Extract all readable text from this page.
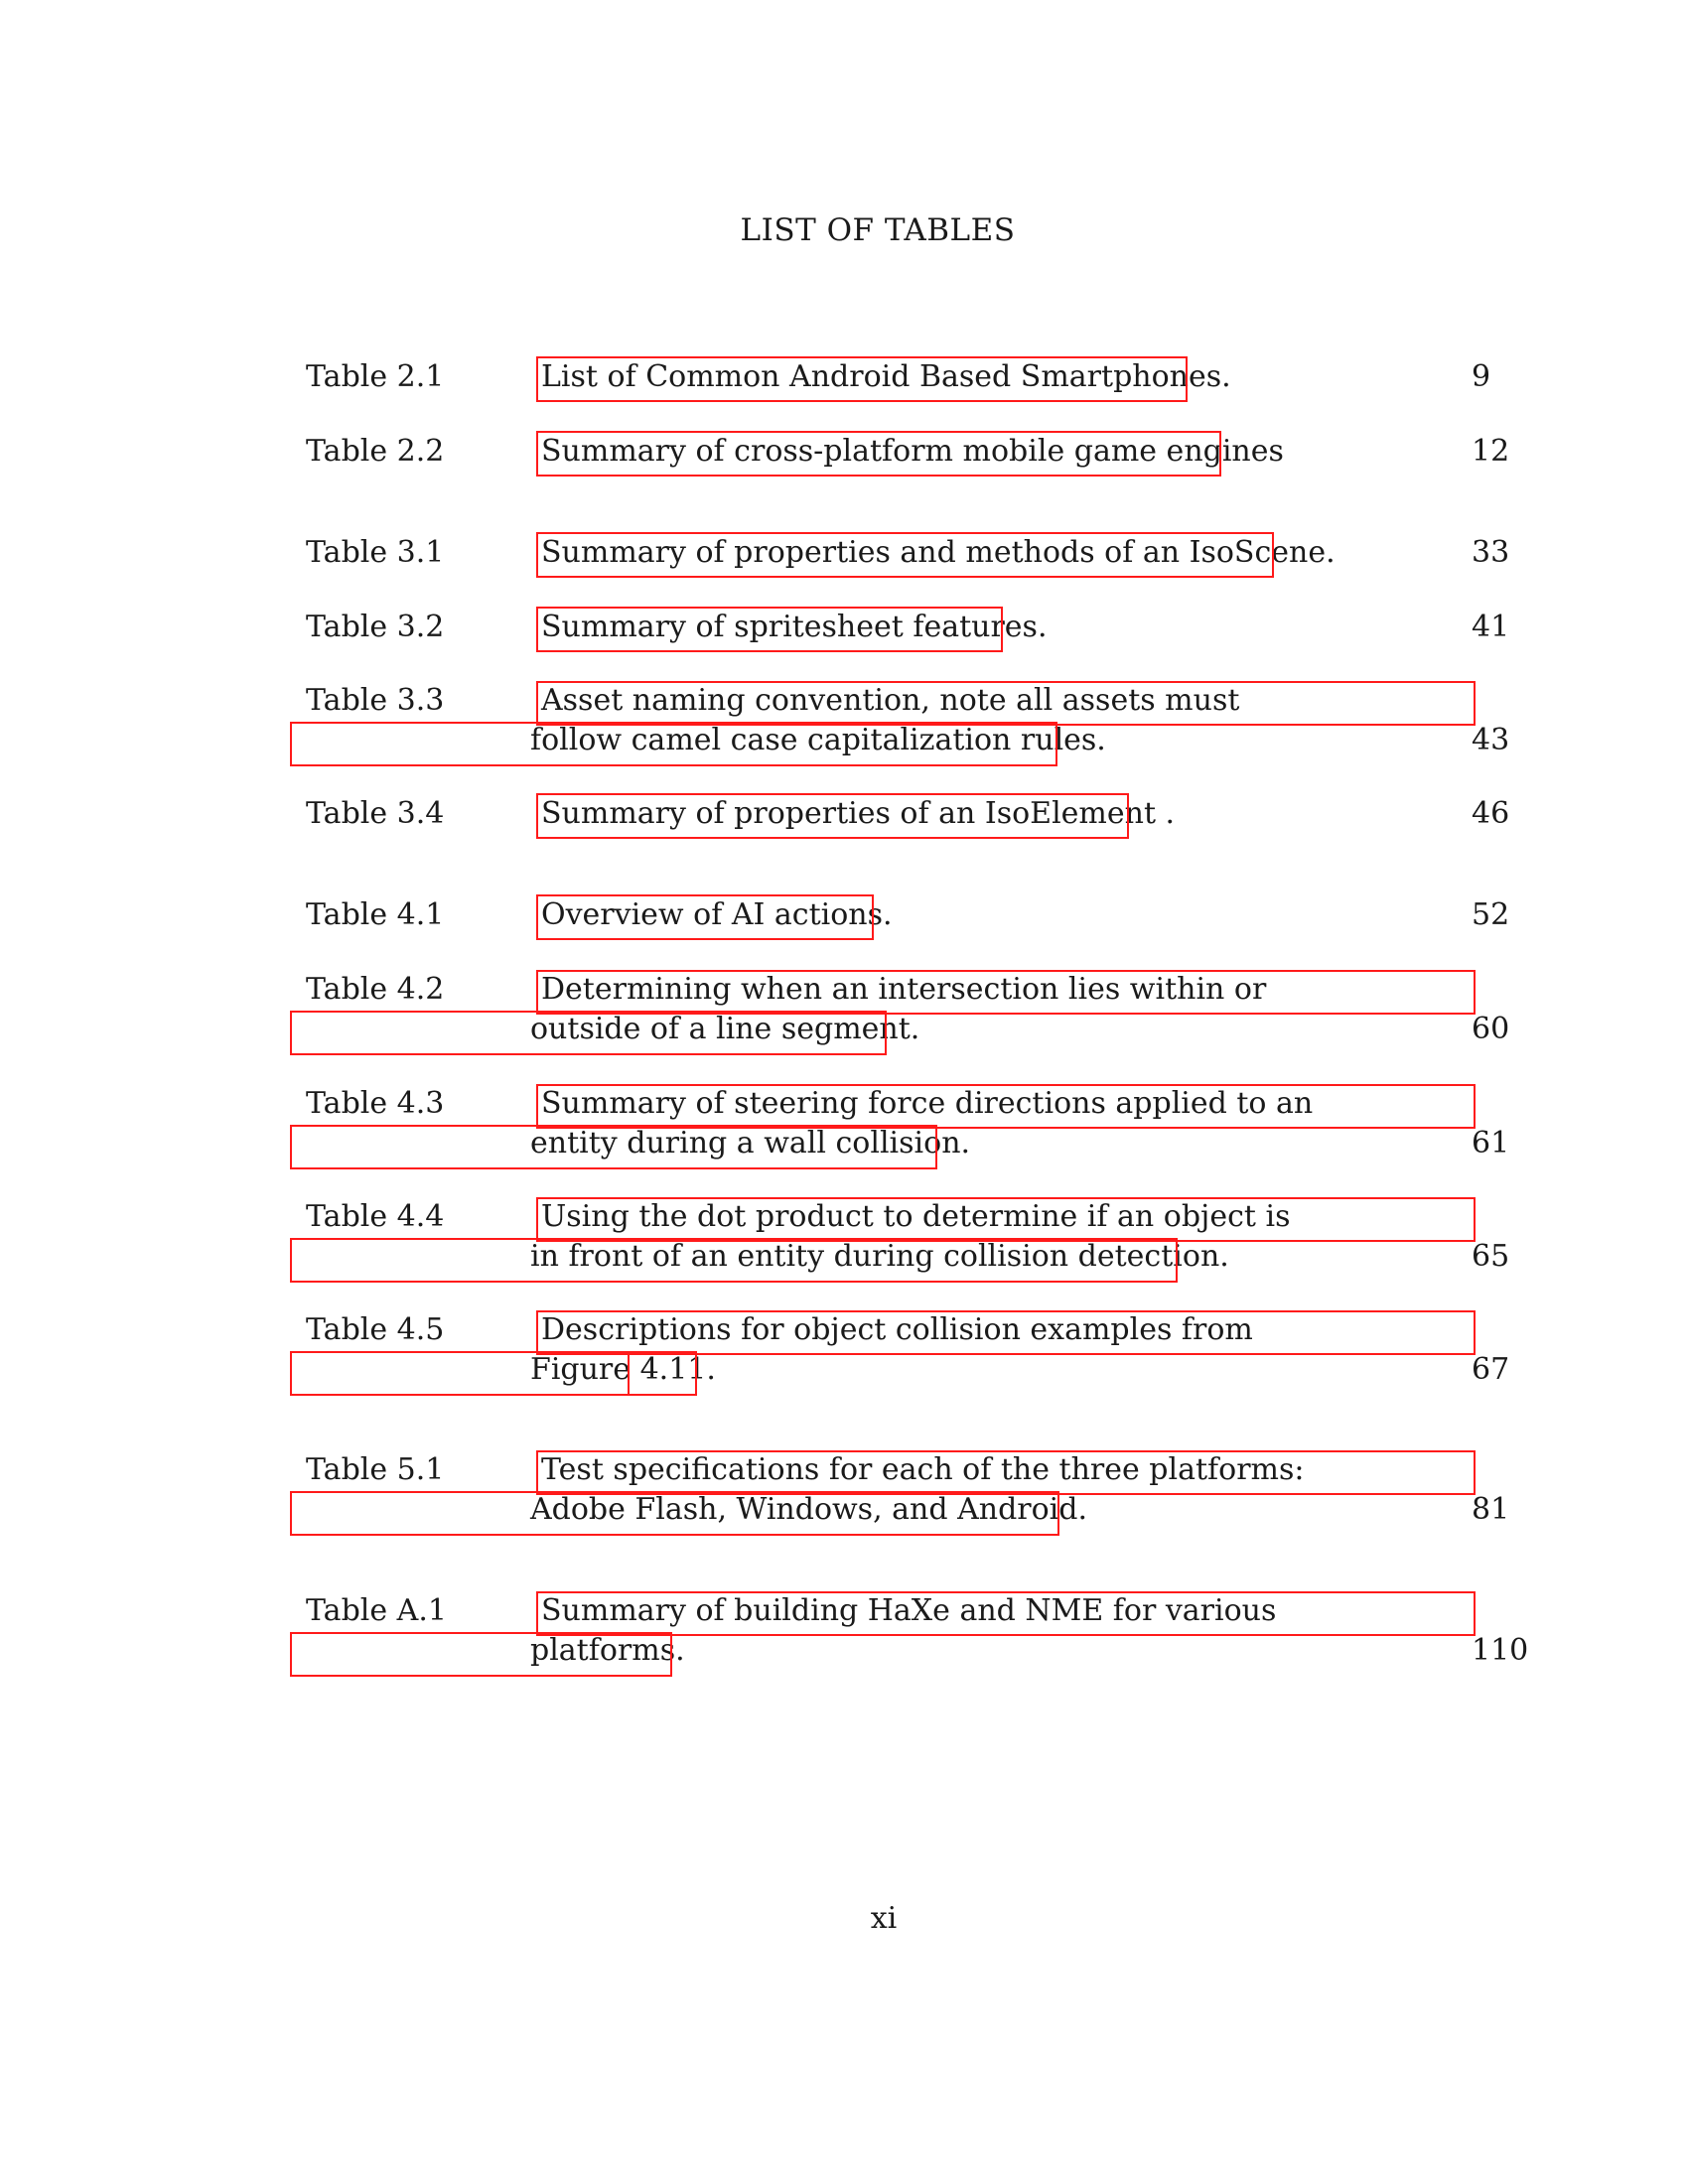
LIST OF TABLES
Table 2.1	List of Common Android Based Smartphones.	9
Table 2.2	Summary of cross-platform mobile game engines	12
Table 3.1	Summary of properties and methods of an IsoScene.	33
Table 3.2	Summary of spritesheet features.	41
Table 3.3	Asset naming convention, note all assets must
follow camel case capitalization rules.	43
Table 3.4	Summary of properties of an IsoElement .	46
Table 4.1	Overview of AI actions.	52
Table 4.2	Determining when an intersection lies within or
outside of a line segment.	60
Table 4.3	Summary of steering force directions applied to an
entity during a wall collision.	61
Table 4.4	Using the dot product to determine if an object is
in front of an entity during collision detection.	65
Table 4.5	Descriptions for object collision examples from
Figure 4.11.	67
Table 5.1	Test specifications for each of the three platforms:
Adobe Flash, Windows, and Android.	81
Table A.1	Summary of building HaXe and NME for various
platforms.	110
xi
